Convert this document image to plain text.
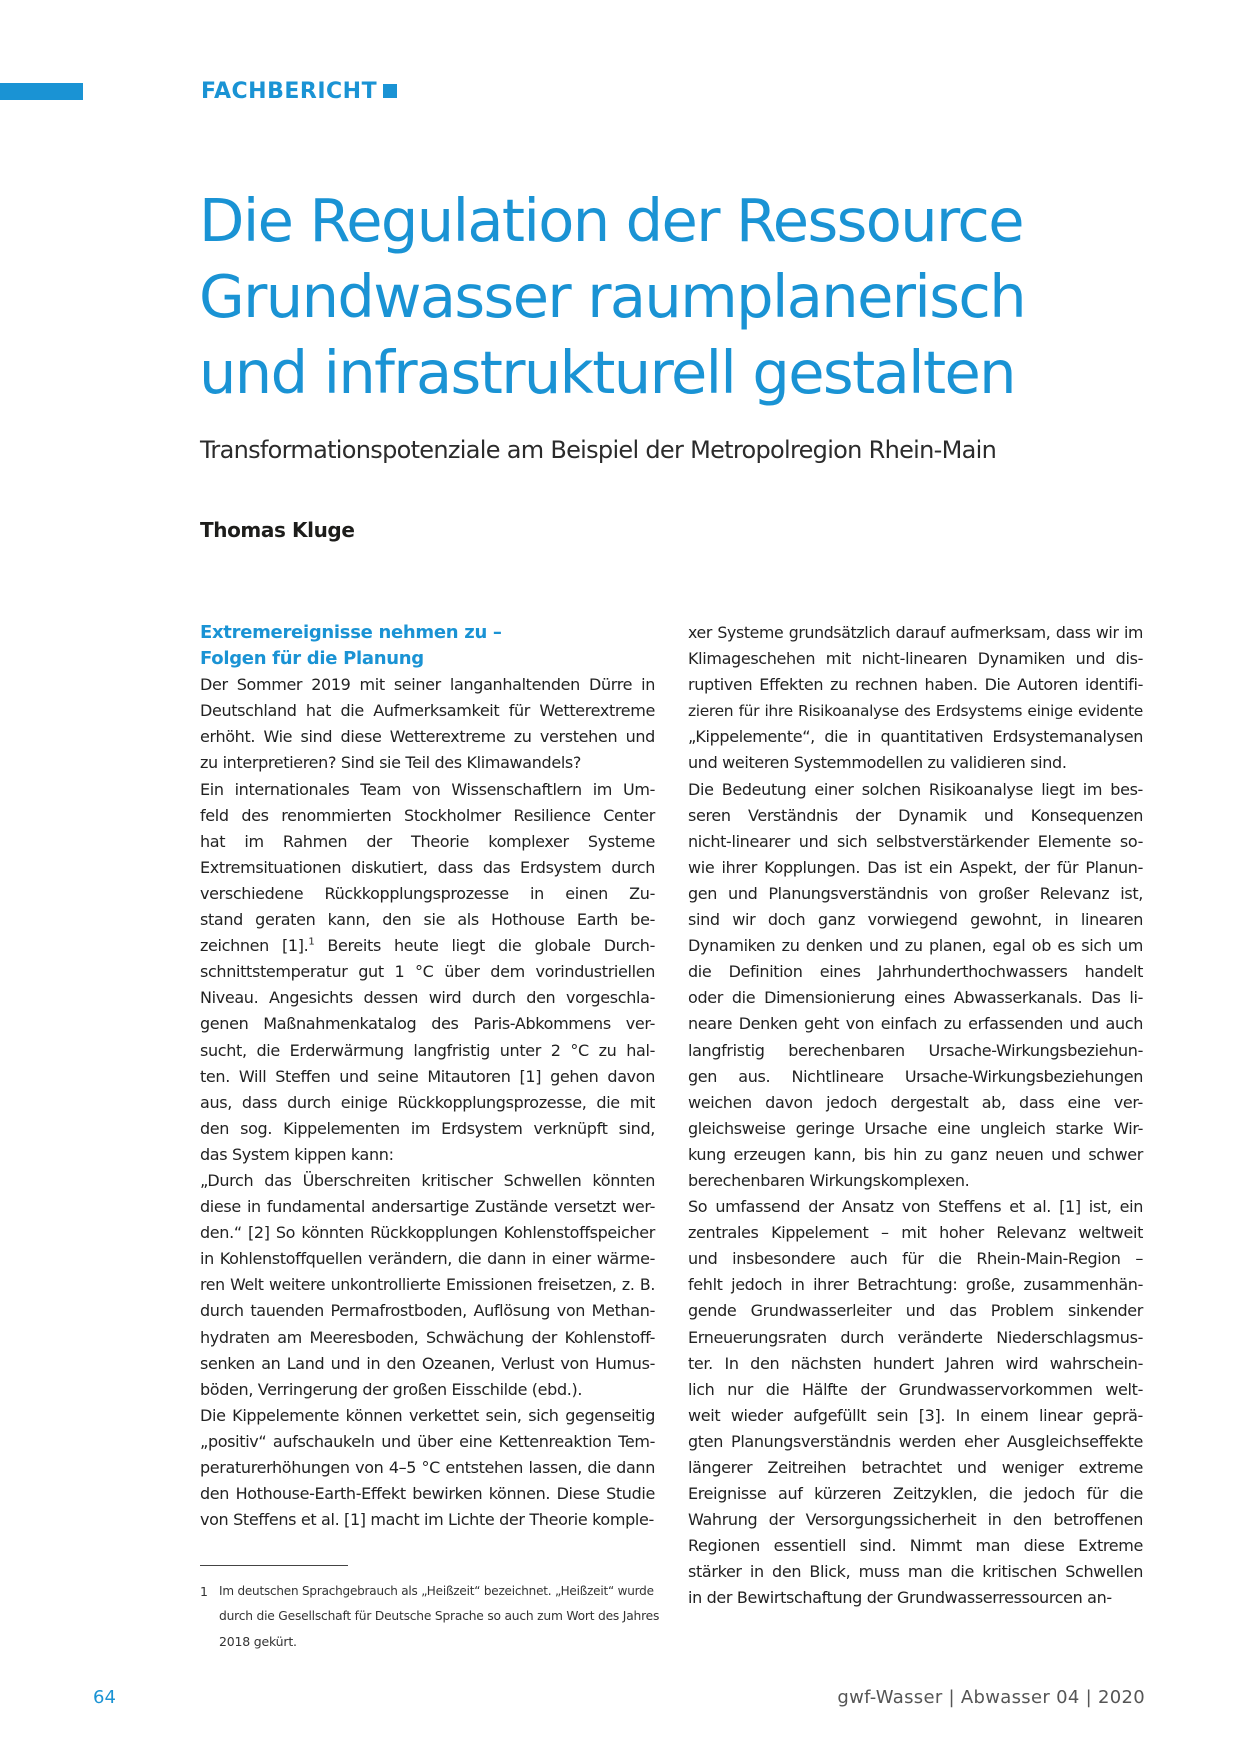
FACHBERICHT
Die Regulation der Ressource
Grundwasser raumplanerisch
und infrastrukturell gestalten
Transformationspotenziale am Beispiel der Metropolregion Rhein-Main
Thomas Kluge
Extremereignisse nehmen zu –
Folgen für die Planung
Der Sommer 2019 mit seiner langanhaltenden Dürre in
Deutschland hat die Aufmerksamkeit für Wetterextreme
erhöht. Wie sind diese Wetterextreme zu verstehen und
zu interpretieren? Sind sie Teil des Klimawandels?
Ein internationales Team von Wissenschaftlern im Um-
feld des renommierten Stockholmer Resilience Center
hat im Rahmen der Theorie komplexer Systeme
Extremsituationen diskutiert, dass das Erdsystem durch
verschiedene Rückkopplungsprozesse in einen Zu-
stand geraten kann, den sie als Hothouse Earth be-
zeichnen [1].$^1$ Bereits heute liegt die globale Durch-
schnittstemperatur gut 1 °C über dem vorindustriellen
Niveau. Angesichts dessen wird durch den vorgeschla-
genen Maßnahmenkatalog des Paris-Abkommens ver-
sucht, die Erderwärmung langfristig unter 2 °C zu hal-
ten. Will Steffen und seine Mitautoren [1] gehen davon
aus, dass durch einige Rückkopplungsprozesse, die mit
den sog. Kippelementen im Erdsystem verknüpft sind,
das System kippen kann:
„Durch das Überschreiten kritischer Schwellen könnten
diese in fundamental andersartige Zustände versetzt wer-
den.“ [2] So könnten Rückkopplungen Kohlenstoffspeicher
in Kohlenstoffquellen verändern, die dann in einer wärme-
ren Welt weitere unkontrollierte Emissionen freisetzen, z. B.
durch tauenden Permafrostboden, Auflösung von Methan-
hydraten am Meeresboden, Schwächung der Kohlenstoff-
senken an Land und in den Ozeanen, Verlust von Humus-
böden, Verringerung der großen Eisschilde (ebd.).
Die Kippelemente können verkettet sein, sich gegenseitig
„positiv“ aufschaukeln und über eine Kettenreaktion Tem-
peraturerhöhungen von 4–5 °C entstehen lassen, die dann
den Hothouse-Earth-Effekt bewirken können. Diese Studie
von Steffens et al. [1] macht im Lichte der Theorie komple-
xer Systeme grundsätzlich darauf aufmerksam, dass wir im
Klimageschehen mit nicht-linearen Dynamiken und dis-
ruptiven Effekten zu rechnen haben. Die Autoren identifi-
zieren für ihre Risikoanalyse des Erdsystems einige evidente
„Kippelemente“, die in quantitativen Erdsystemanalysen
und weiteren Systemmodellen zu validieren sind.
Die Bedeutung einer solchen Risikoanalyse liegt im bes-
seren Verständnis der Dynamik und Konsequenzen
nicht-linearer und sich selbstverstärkender Elemente so-
wie ihrer Kopplungen. Das ist ein Aspekt, der für Planun-
gen und Planungsverständnis von großer Relevanz ist,
sind wir doch ganz vorwiegend gewohnt, in linearen
Dynamiken zu denken und zu planen, egal ob es sich um
die Definition eines Jahrhunderthochwassers handelt
oder die Dimensionierung eines Abwasserkanals. Das li-
neare Denken geht von einfach zu erfassenden und auch
langfristig berechenbaren Ursache-Wirkungsbeziehun-
gen aus. Nichtlineare Ursache-Wirkungsbeziehungen
weichen davon jedoch dergestalt ab, dass eine ver-
gleichsweise geringe Ursache eine ungleich starke Wir-
kung erzeugen kann, bis hin zu ganz neuen und schwer
berechenbaren Wirkungskomplexen.
So umfassend der Ansatz von Steffens et al. [1] ist, ein
zentrales Kippelement – mit hoher Relevanz weltweit
und insbesondere auch für die Rhein-Main-Region –
fehlt jedoch in ihrer Betrachtung: große, zusammenhän-
gende Grundwasserleiter und das Problem sinkender
Erneuerungsraten durch veränderte Niederschlagsmus-
ter. In den nächsten hundert Jahren wird wahrschein-
lich nur die Hälfte der Grundwasservorkommen welt-
weit wieder aufgefüllt sein [3]. In einem linear geprä-
gten Planungsverständnis werden eher Ausgleichseffekte
längerer Zeitreihen betrachtet und weniger extreme
Ereignisse auf kürzeren Zeitzyklen, die jedoch für die
Wahrung der Versorgungssicherheit in den betroffenen
Regionen essentiell sind. Nimmt man diese Extreme
stärker in den Blick, muss man die kritischen Schwellen
in der Bewirtschaftung der Grundwasserressourcen an-
1 Im deutschen Sprachgebrauch als „Heißzeit“ bezeichnet. „Heißzeit“ wurde
durch die Gesellschaft für Deutsche Sprache so auch zum Wort des Jahres
2018 gekürt.
64	gwf-Wasser | Abwasser 04 | 2020
